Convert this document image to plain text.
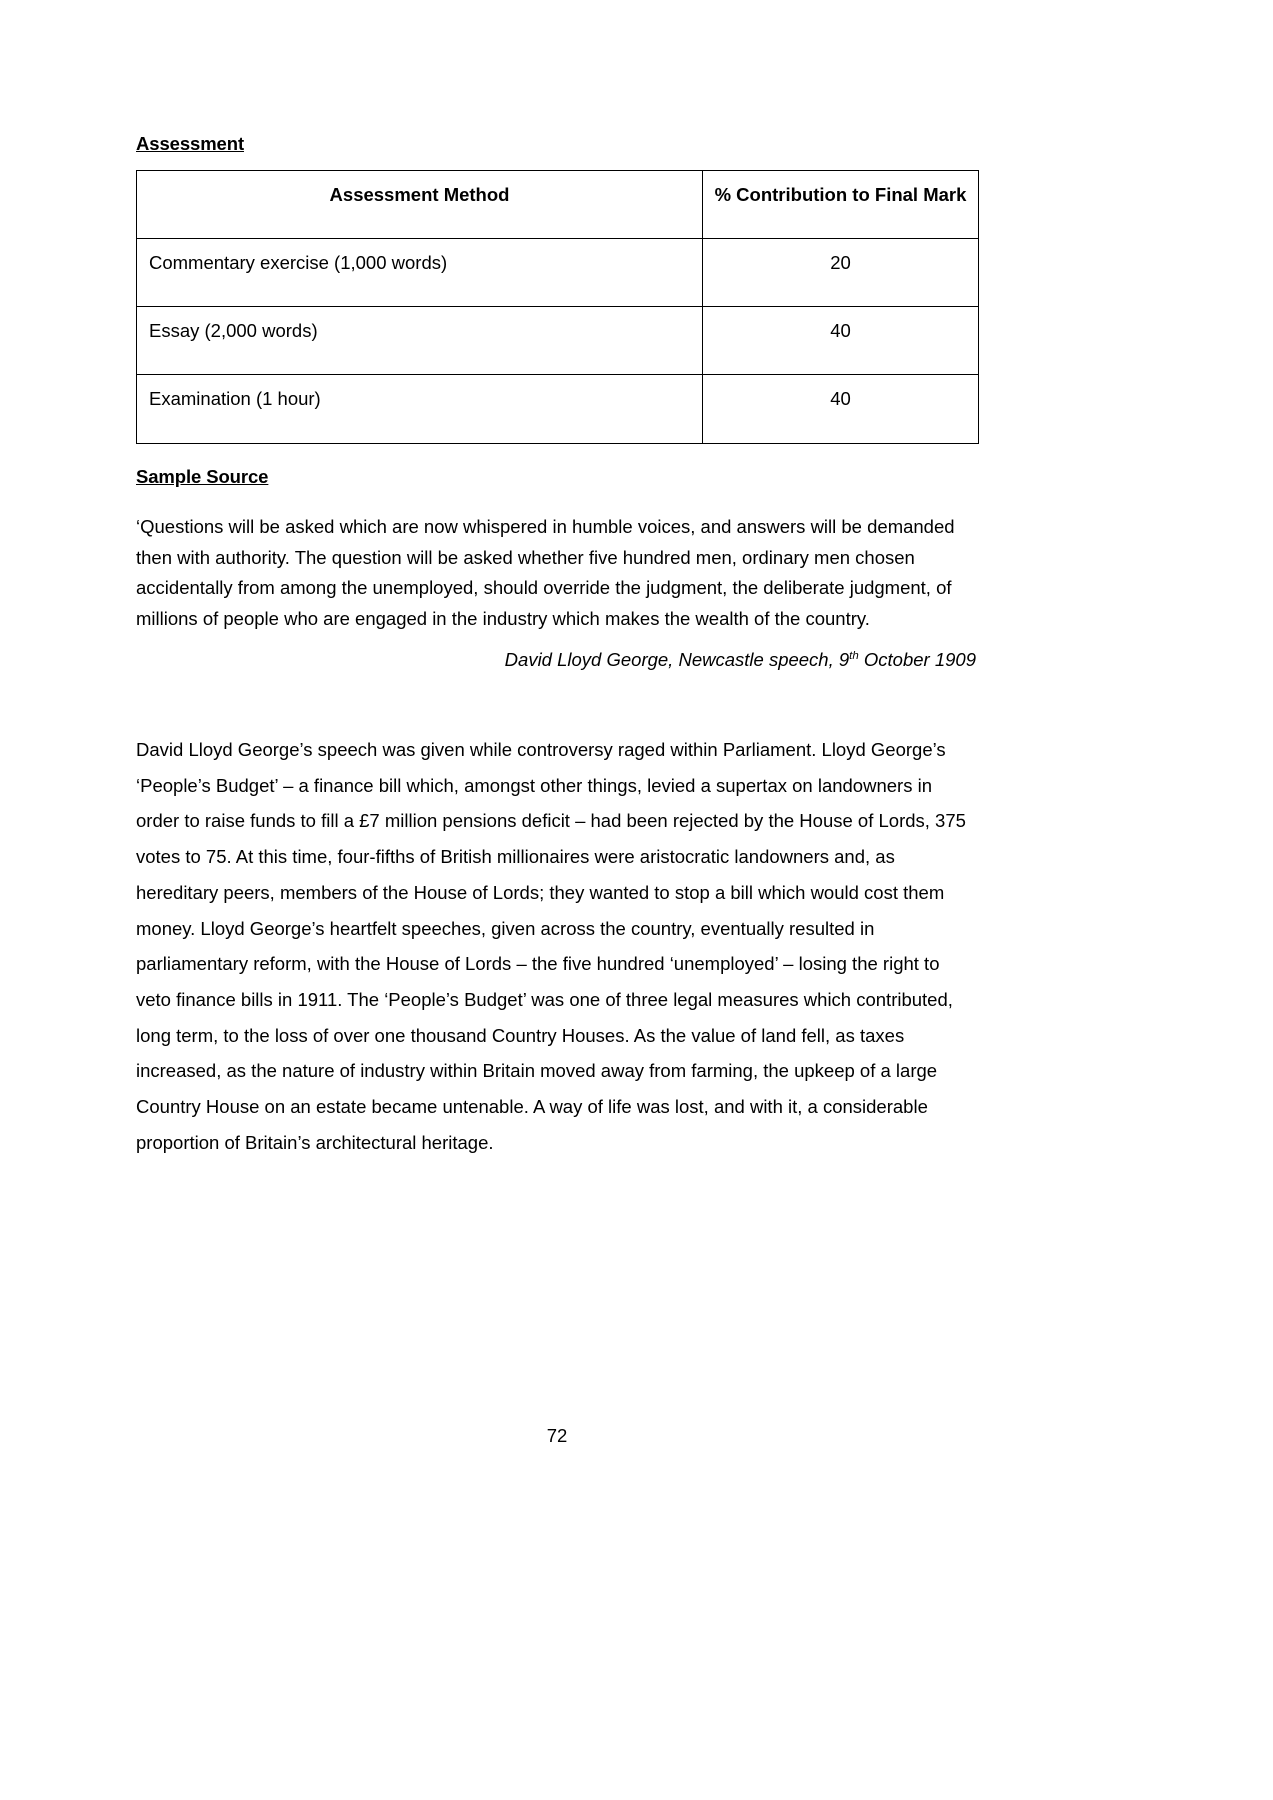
Assessment
Assessment Method	% Contribution to Final Mark
Commentary exercise (1,000 words)	20
Essay (2,000 words)	40
Examination (1 hour)	40
Sample Source
‘Questions will be asked which are now whispered in humble voices, and answers will be demanded then with authority. The question will be asked whether five hundred men, ordinary men chosen accidentally from among the unemployed, should override the judgment, the deliberate judgment, of millions of people who are engaged in the industry which makes the wealth of the country.
David Lloyd George, Newcastle speech, 9th October 1909
David Lloyd George’s speech was given while controversy raged within Parliament. Lloyd George’s ‘People’s Budget’ – a finance bill which, amongst other things, levied a supertax on landowners in order to raise funds to fill a £7 million pensions deficit – had been rejected by the House of Lords, 375 votes to 75. At this time, four-fifths of British millionaires were aristocratic landowners and, as hereditary peers, members of the House of Lords; they wanted to stop a bill which would cost them money. Lloyd George’s heartfelt speeches, given across the country, eventually resulted in parliamentary reform, with the House of Lords – the five hundred ‘unemployed’ – losing the right to veto finance bills in 1911. The ‘People’s Budget’ was one of three legal measures which contributed, long term, to the loss of over one thousand Country Houses. As the value of land fell, as taxes increased, as the nature of industry within Britain moved away from farming, the upkeep of a large Country House on an estate became untenable. A way of life was lost, and with it, a considerable proportion of Britain’s architectural heritage.
72
